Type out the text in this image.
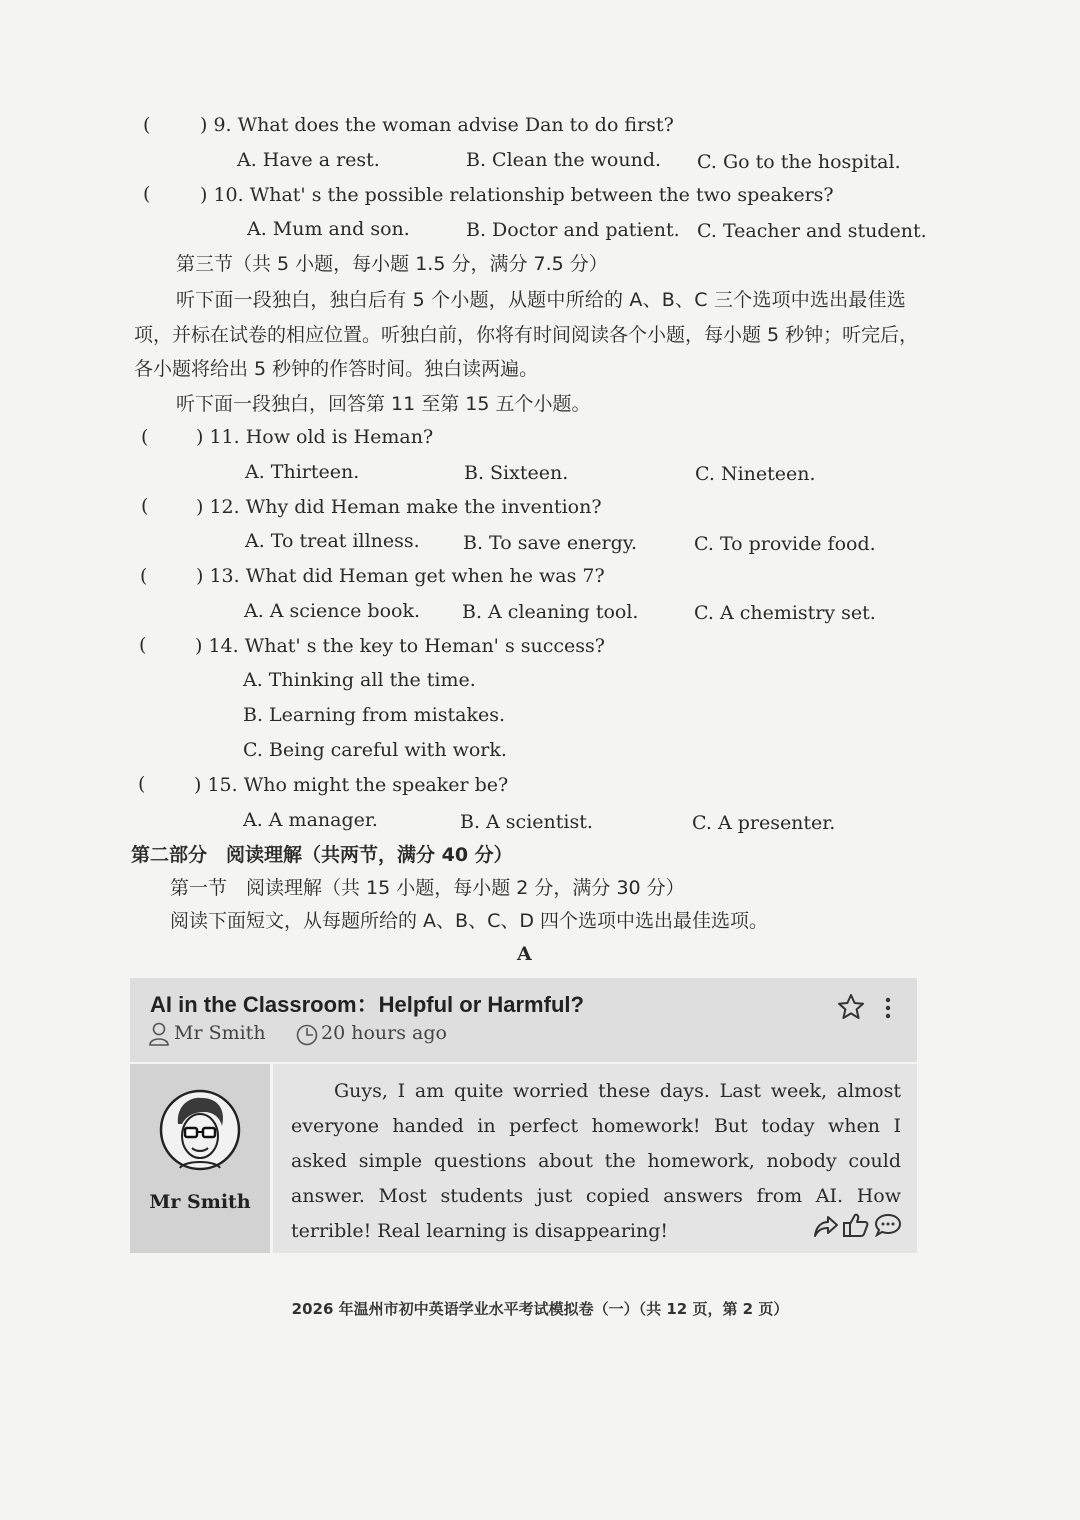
(	) 9. What does the woman advise Dan to do first?
A. Have a rest.	B. Clean the wound. C. Go to the hospital.
(	) 10. What' s the possible relationship between the two speakers?
A. Mum and son.	B. Doctor and patient. C. Teacher and student.
第三节（共 5 小题，每小题 1.5 分，满分 7.5 分）
听下面一段独白，独白后有 5 个小题，从题中所给的 A、B、C 三个选项中选出最佳选
项，并标在试卷的相应位置。听独白前，你将有时间阅读各个小题，每小题 5 秒钟；听完后，
各小题将给出 5 秒钟的作答时间。独白读两遍。
听下面一段独白，回答第 11 至第 15 五个小题。
(	) 11. How old is Heman?
A. Thirteen.	B. Sixteen.	C. Nineteen.
(	) 12. Why did Heman make the invention?
A. To treat illness. B. To save energy.	C. To provide food.
(	) 13. What did Heman get when he was 7?
A. A science book. B. A cleaning tool.	C. A chemistry set.
(	) 14. What' s the key to Heman' s success?
A. Thinking all the time.
B. Learning from mistakes.
C. Being careful with work.
(	) 15. Who might the speaker be?
A. A manager.	B. A scientist.	C. A presenter.
第二部分　阅读理解（共两节，满分 40 分）
第一节　阅读理解（共 15 小题，每小题 2 分，满分 30 分）
阅读下面短文，从每题所给的 A、B、C、D 四个选项中选出最佳选项。
A
AI in the Classroom：Helpful or Harmful?
Mr Smith	20 hours ago
Mr Smith
Guys, I am quite worried these days. Last week, almost everyone handed in perfect homework! But today when I asked simple questions about the homework, nobody could answer. Most students just copied answers from AI. How terrible! Real learning is disappearing!
2026 年温州市初中英语学业水平考试模拟卷（一）（共 12 页，第 2 页）
